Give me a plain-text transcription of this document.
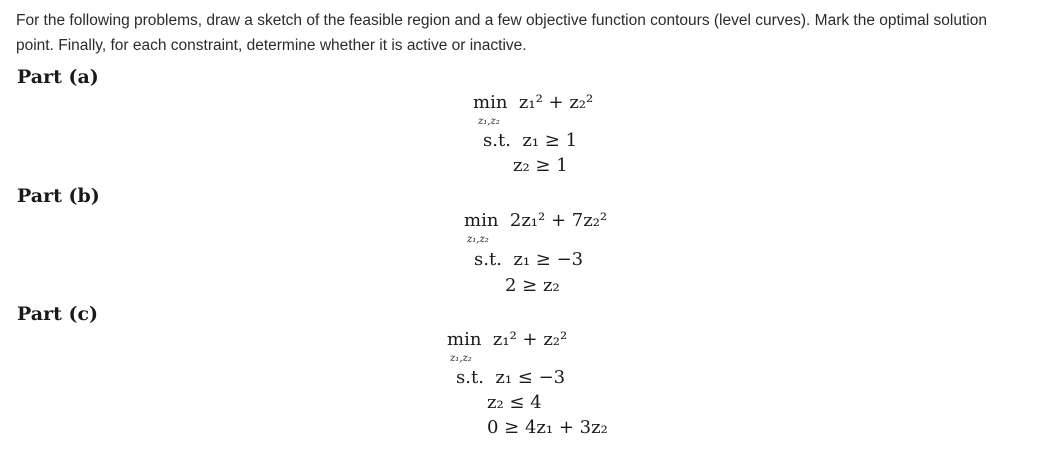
For the following problems, draw a sketch of the feasible region and a few objective function contours (level curves). Mark the optimal solution
point. Finally, for each constraint, determine whether it is active or inactive.
Part (a)
min z₁² + z₂²
z₁,z₂
s.t. z₁ ≥ 1
z₂ ≥ 1
Part (b)
min 2z₁² + 7z₂²
z₁,z₂
s.t. z₁ ≥ −3
2 ≥ z₂
Part (c)
min z₁² + z₂²
z₁,z₂
s.t. z₁ ≤ −3
z₂ ≤ 4
0 ≥ 4z₁ + 3z₂
